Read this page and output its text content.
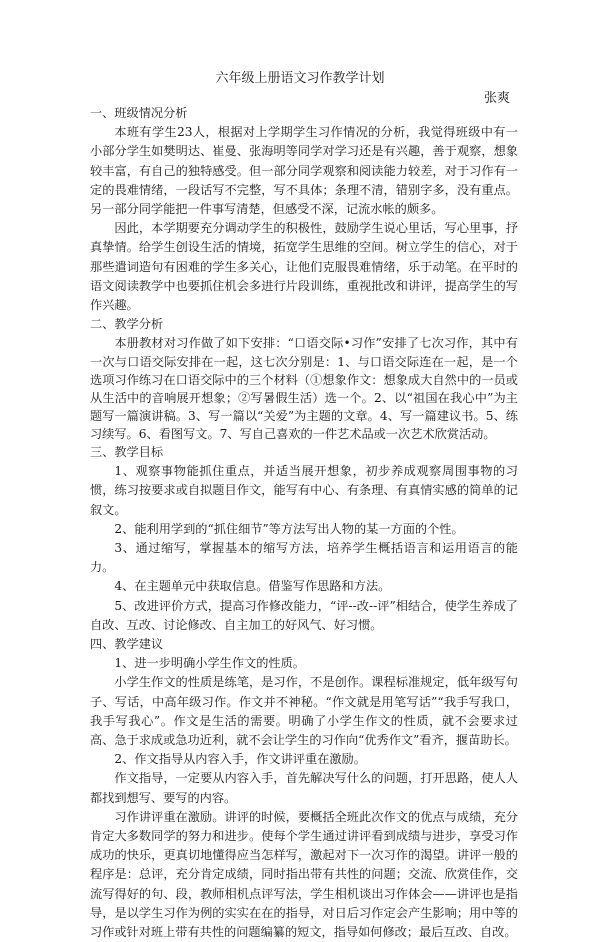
六年级上册语文习作教学计划
张爽

一、班级情况分析

本班有学生23人，根据对上学期学生习作情况的分析，我觉得班级中有一小部分学生如樊明达、崔曼、张海明等同学对学习还是有兴趣，善于观察，想象较丰富，有自己的独特感受。但一部分同学观察和阅读能力较差，对于习作有一定的畏难情绪，一段话写不完整，写不具体；条理不清，错别字多，没有重点。另一部分同学能把一件事写清楚，但感受不深，记流水帐的颇多。

因此，本学期要充分调动学生的积极性，鼓励学生说心里话，写心里事，抒真挚情。给学生创设生活的情境，拓宽学生思维的空间。树立学生的信心，对于那些遣词造句有困难的学生多关心，让他们克服畏难情绪，乐于动笔。在平时的语文阅读教学中也要抓住机会多进行片段训练，重视批改和讲评，提高学生的写作兴趣。

二、教学分析

本册教材对习作做了如下安排：“口语交际•习作”安排了七次习作，其中有一次与口语交际安排在一起，这七次分别是：1、与口语交际连在一起，是一个选项习作练习在口语交际中的三个材料（①想象作文：想象成大自然中的一员或从生活中的音响展开想象；②写暑假生活）选一个。2、以“祖国在我心中”为主题写一篇演讲稿。3、写一篇以“关爱”为主题的文章。4、写一篇建议书。5、练习续写。6、看图写文。7、写自己喜欢的一件艺术品或一次艺术欣赏活动。

三、教学目标

1、观察事物能抓住重点，并适当展开想象，初步养成观察周围事物的习惯，练习按要求或自拟题目作文，能写有中心、有条理、有真情实感的简单的记叙文。

2、能利用学到的“抓住细节”等方法写出人物的某一方面的个性。

3、通过缩写，掌握基本的缩写方法，培养学生概括语言和运用语言的能力。

4、在主题单元中获取信息。借鉴写作思路和方法。

5、改进评价方式，提高习作修改能力，“评--改--评”相结合，使学生养成了自改、互改、讨论修改、自主加工的好风气、好习惯。

四、教学建议

1、进一步明确小学生作文的性质。

小学生作文的性质是练笔，是习作，不是创作。课程标准规定，低年级写句子、写话，中高年级习作。作文并不神秘。“作文就是用笔写话”“我手写我口，我手写我心”。作文是生活的需要。明确了小学生作文的性质，就不会要求过高、急于求成或急功近利，就不会让学生的习作向“优秀作文”看齐，揠苗助长。

2、作文指导从内容入手，作文讲评重在激励。

作文指导，一定要从内容入手，首先解决写什么的问题，打开思路，使人人都找到想写、要写的内容。

习作讲评重在激励。讲评的时候，要概括全班此次作文的优点与成绩，充分肯定大多数同学的努力和进步。使每个学生通过讲评看到成绩与进步，享受习作成功的快乐，更真切地懂得应当怎样写，激起对下一次习作的渴望。讲评一般的程序是：总评，充分肯定成绩，同时指出带有共性的问题；交流、欣赏佳作，交流写得好的句、段，教师相机点评写法，学生相机谈出习作体会——讲评也是指导，是以学生习作为例的实实在在的指导，对日后习作定会产生影响；用中等的习作或针对班上带有共性的问题编纂的短文，指导如何修改；最后互改、自改。
